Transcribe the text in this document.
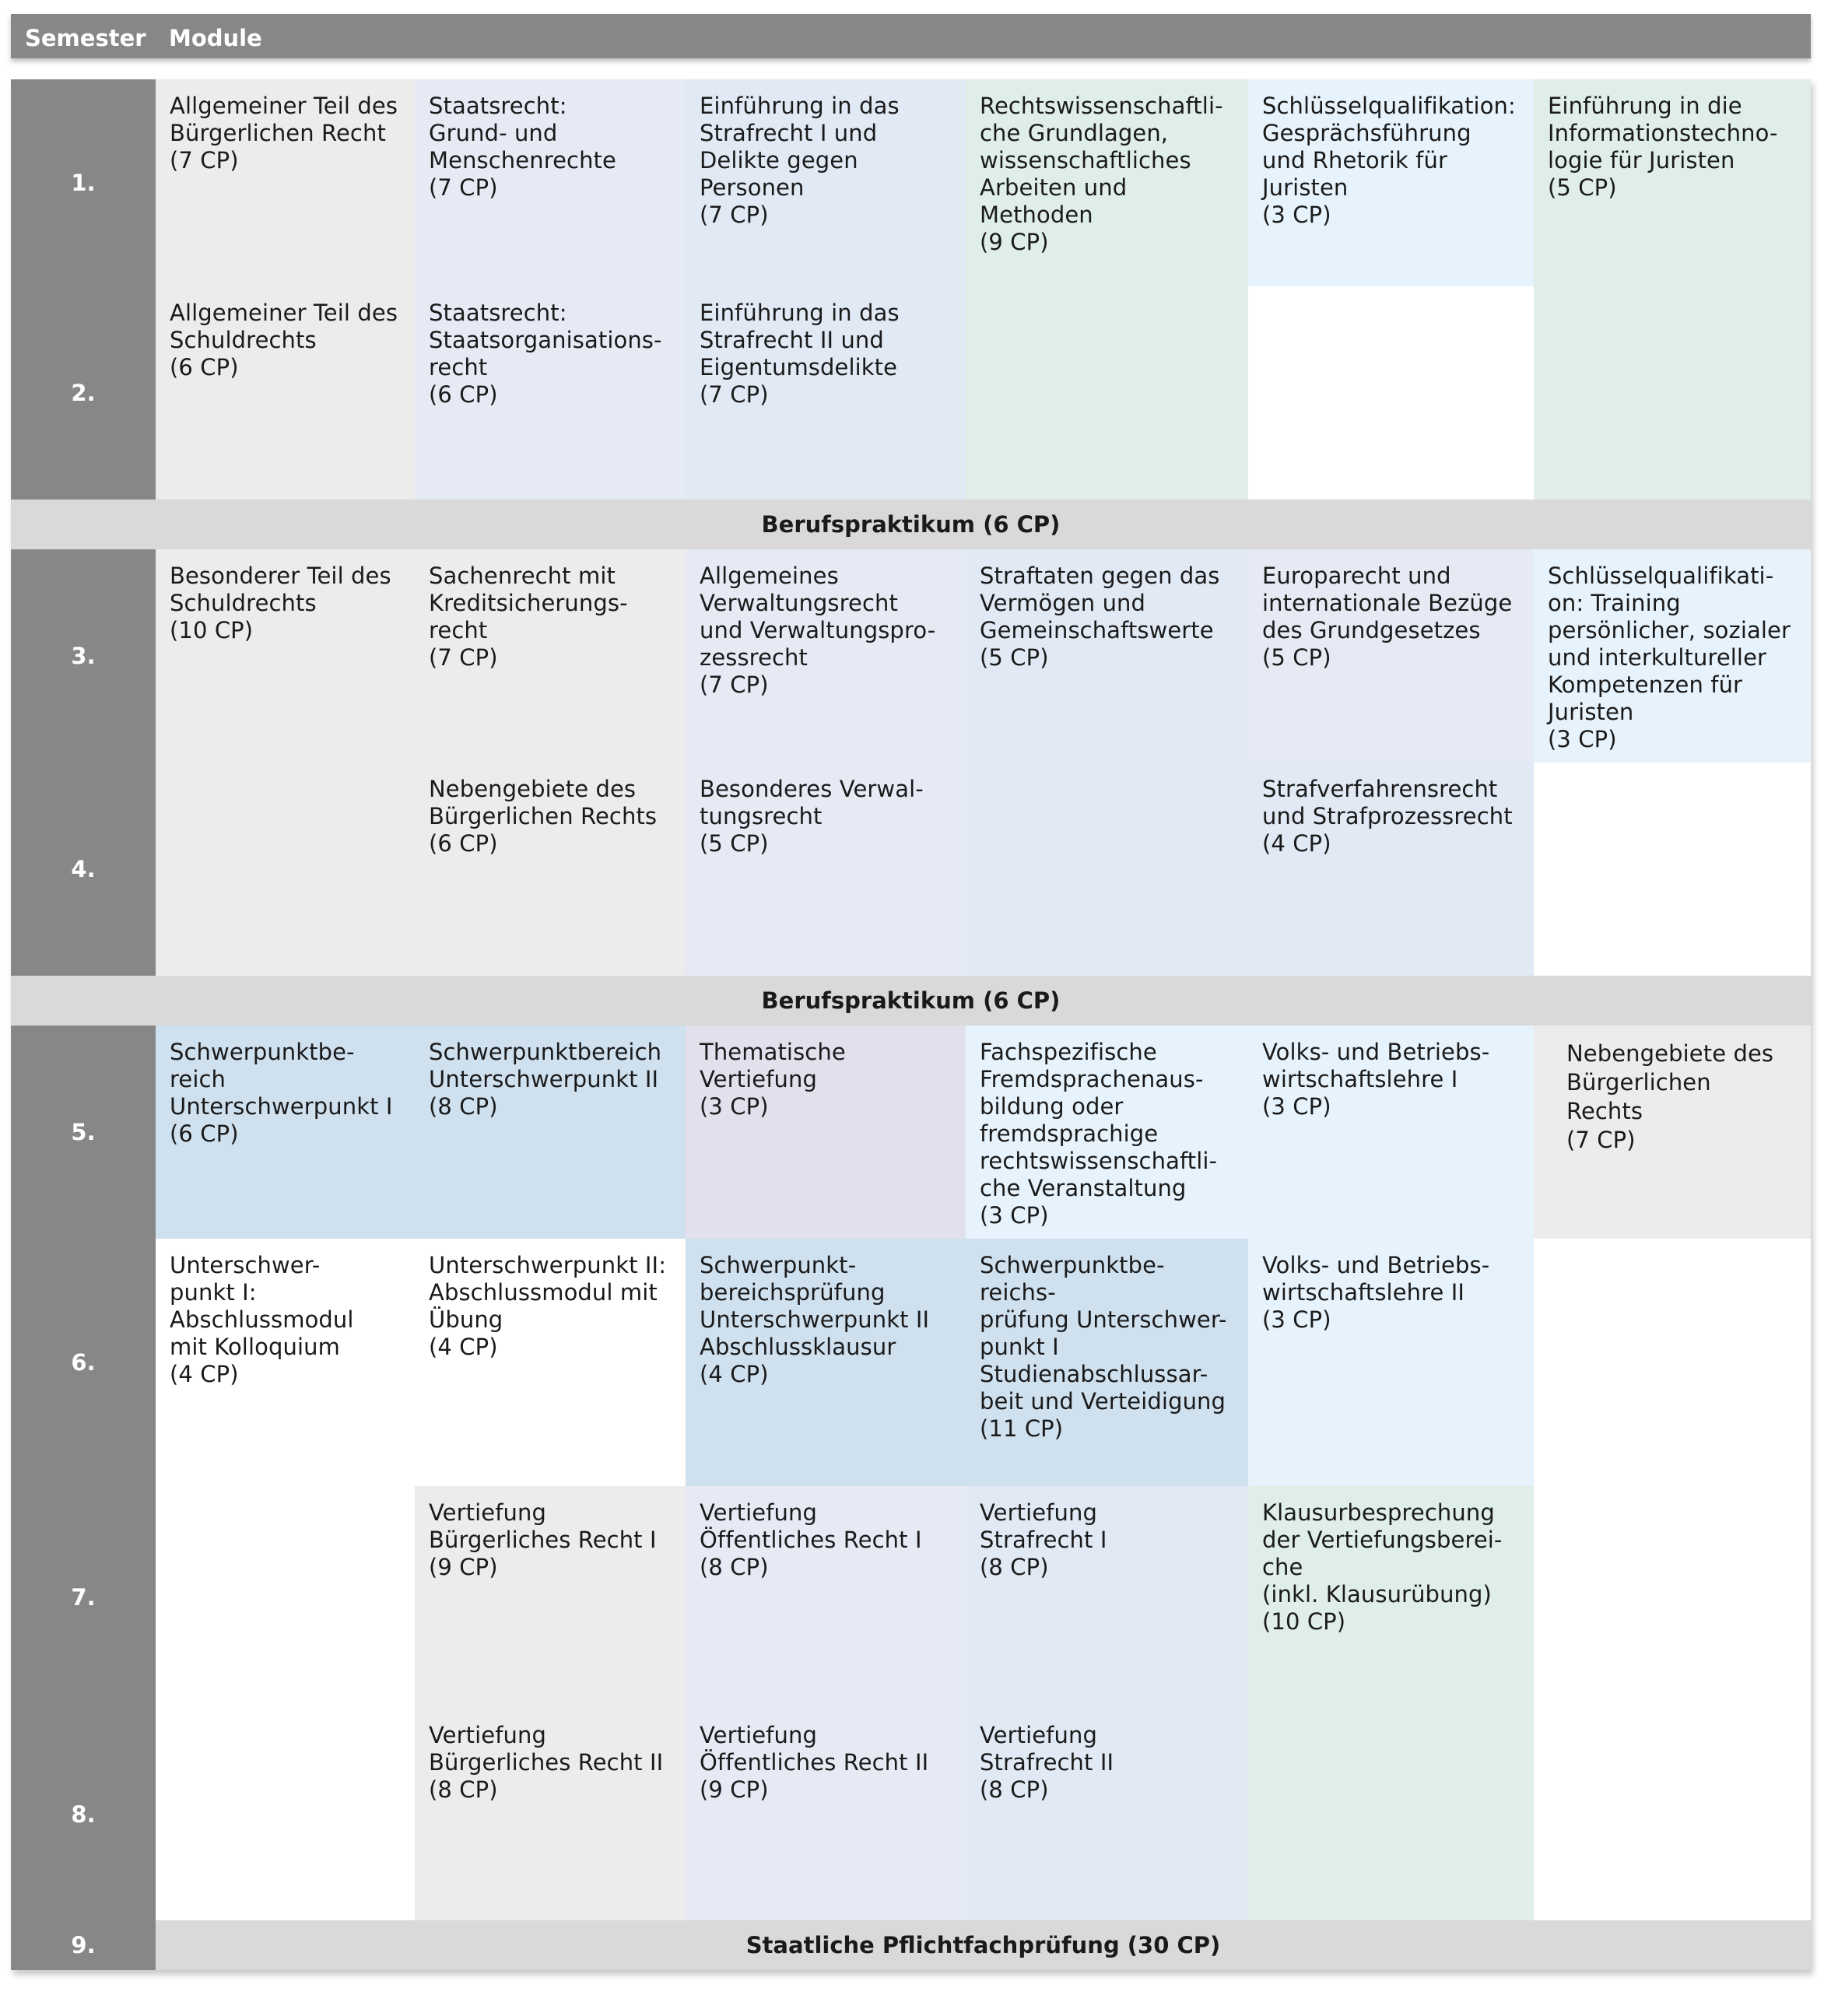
Semester Module
1.
2.
3.
4.
5.
6.
7.
8.
9.
Berufspraktikum (6 CP)
Berufspraktikum (6 CP)
Staatliche Pflichtfachprüfung (30 CP)
Allgemeiner Teil des
Bürgerlichen Recht
(7 CP)
Staatsrecht:
Grund- und
Menschenrechte
(7 CP)
Einführung in das
Strafrecht I und
Delikte gegen
Personen
(7 CP)
Rechtswissenschaftli-
che Grundlagen,
wissenschaftliches
Arbeiten und
Methoden
(9 CP)
Schlüsselqualifikation:
Gesprächsführung
und Rhetorik für
Juristen
(3 CP)
Einführung in die
Informationstechno-
logie für Juristen
(5 CP)
Allgemeiner Teil des
Schuldrechts
(6 CP)
Staatsrecht:
Staatsorganisations-
recht
(6 CP)
Einführung in das
Strafrecht II und
Eigentumsdelikte
(7 CP)
Besonderer Teil des
Schuldrechts
(10 CP)
Sachenrecht mit
Kreditsicherungs-
recht
(7 CP)
Allgemeines
Verwaltungsrecht
und Verwaltungspro-
zessrecht
(7 CP)
Straftaten gegen das
Vermögen und
Gemeinschaftswerte
(5 CP)
Europarecht und
internationale Bezüge
des Grundgesetzes
(5 CP)
Schlüsselqualifikati-
on: Training
persönlicher, sozialer
und interkultureller
Kompetenzen für
Juristen
(3 CP)
Nebengebiete des
Bürgerlichen Rechts
(6 CP)
Besonderes Verwal-
tungsrecht
(5 CP)
Strafverfahrensrecht
und Strafprozessrecht
(4 CP)
Schwerpunktbe-
reich
Unterschwerpunkt I
(6 CP)
Schwerpunktbereich
Unterschwerpunkt II
(8 CP)
Thematische
Vertiefung
(3 CP)
Fachspezifische
Fremdsprachenaus-
bildung oder
fremdsprachige
rechtswissenschaftli-
che Veranstaltung
(3 CP)
Volks- und Betriebs-
wirtschaftslehre I
(3 CP)
Nebengebiete des
Bürgerlichen
Rechts
(7 CP)
Unterschwer-
punkt I:
Abschlussmodul
mit Kolloquium
(4 CP)
Unterschwerpunkt II:
Abschlussmodul mit
Übung
(4 CP)
Schwerpunkt-
bereichsprüfung
Unterschwerpunkt II
Abschlussklausur
(4 CP)
Schwerpunktbe-
reichs-
prüfung Unterschwer-
punkt I
Studienabschlussar-
beit und Verteidigung
(11 CP)
Volks- und Betriebs-
wirtschaftslehre II
(3 CP)
Vertiefung
Bürgerliches Recht I
(9 CP)
Vertiefung
Öffentliches Recht I
(8 CP)
Vertiefung
Strafrecht I
(8 CP)
Klausurbesprechung
der Vertiefungsberei-
che
(inkl. Klausurübung)
(10 CP)
Vertiefung
Bürgerliches Recht II
(8 CP)
Vertiefung
Öffentliches Recht II
(9 CP)
Vertiefung
Strafrecht II
(8 CP)
